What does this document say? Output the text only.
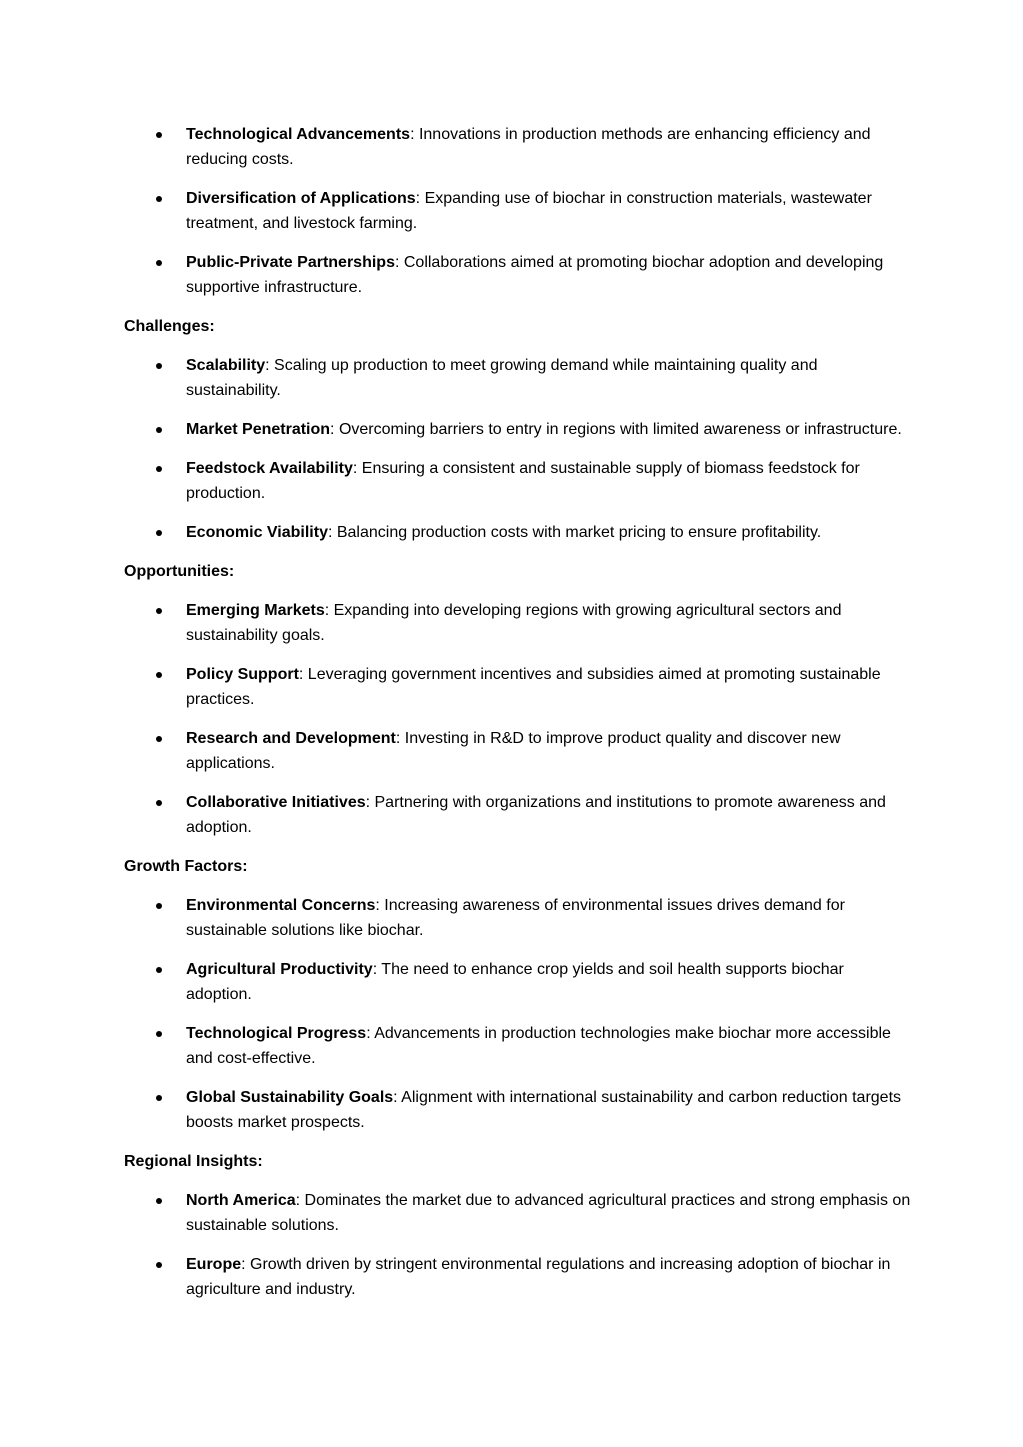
Technological Advancements: Innovations in production methods are enhancing efficiency and reducing costs.
Diversification of Applications: Expanding use of biochar in construction materials, wastewater treatment, and livestock farming.
Public-Private Partnerships: Collaborations aimed at promoting biochar adoption and developing supportive infrastructure.
Challenges:
Scalability: Scaling up production to meet growing demand while maintaining quality and sustainability.
Market Penetration: Overcoming barriers to entry in regions with limited awareness or infrastructure.
Feedstock Availability: Ensuring a consistent and sustainable supply of biomass feedstock for production.
Economic Viability: Balancing production costs with market pricing to ensure profitability.
Opportunities:
Emerging Markets: Expanding into developing regions with growing agricultural sectors and sustainability goals.
Policy Support: Leveraging government incentives and subsidies aimed at promoting sustainable practices.
Research and Development: Investing in R&D to improve product quality and discover new applications.
Collaborative Initiatives: Partnering with organizations and institutions to promote awareness and adoption.
Growth Factors:
Environmental Concerns: Increasing awareness of environmental issues drives demand for sustainable solutions like biochar.
Agricultural Productivity: The need to enhance crop yields and soil health supports biochar adoption.
Technological Progress: Advancements in production technologies make biochar more accessible and cost-effective.
Global Sustainability Goals: Alignment with international sustainability and carbon reduction targets boosts market prospects.
Regional Insights:
North America: Dominates the market due to advanced agricultural practices and strong emphasis on sustainable solutions.
Europe: Growth driven by stringent environmental regulations and increasing adoption of biochar in agriculture and industry.
